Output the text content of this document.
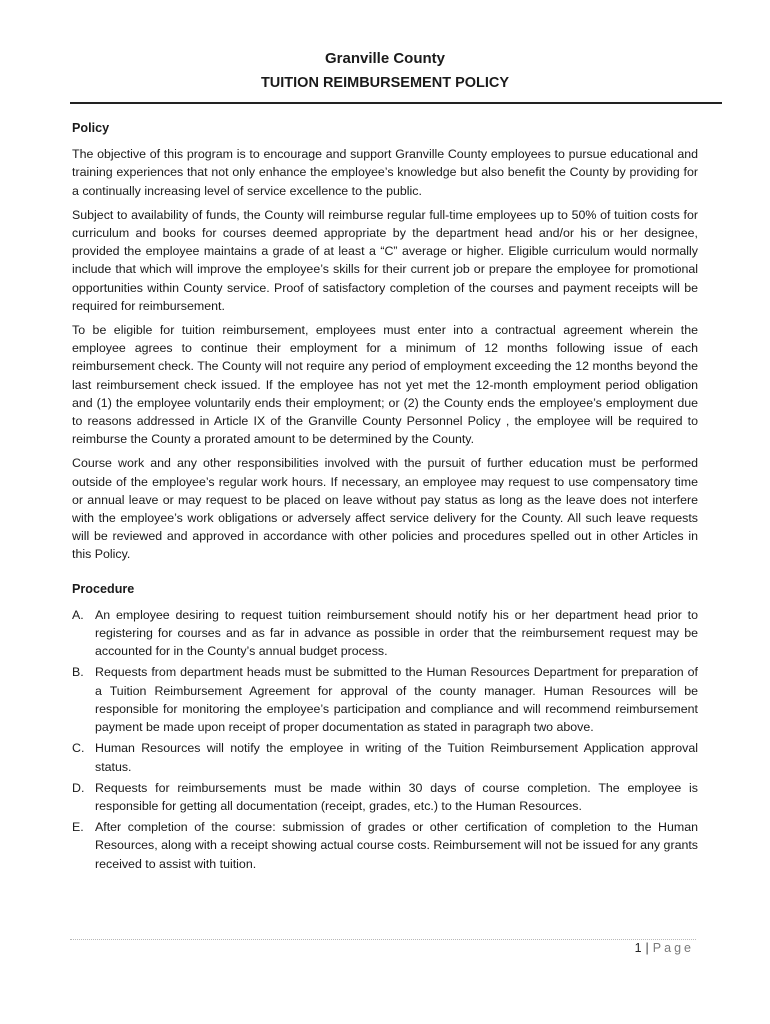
Granville County
TUITION REIMBURSEMENT POLICY
Policy

The objective of this program is to encourage and support Granville County employees to pursue educational and training experiences that not only enhance the employee’s knowledge but also benefit the County by providing for a continually increasing level of service excellence to the public.

Subject to availability of funds, the County will reimburse regular full-time employees up to 50% of tuition costs for curriculum and books for courses deemed appropriate by the department head and/or his or her designee, provided the employee maintains a grade of at least a “C” average or higher. Eligible curriculum would normally include that which will improve the employee’s skills for their current job or prepare the employee for promotional opportunities within County service. Proof of satisfactory completion of the courses and payment receipts will be required for reimbursement.

To be eligible for tuition reimbursement, employees must enter into a contractual agreement wherein the employee agrees to continue their employment for a minimum of 12 months following issue of each reimbursement check. The County will not require any period of employment exceeding the 12 months beyond the last reimbursement check issued. If the employee has not yet met the 12-month employment period obligation and (1) the employee voluntarily ends their employment; or (2) the County ends the employee’s employment due to reasons addressed in Article IX of the Granville County Personnel Policy , the employee will be required to reimburse the County a prorated amount to be determined by the County.

Course work and any other responsibilities involved with the pursuit of further education must be performed outside of the employee’s regular work hours. If necessary, an employee may request to use compensatory time or annual leave or may request to be placed on leave without pay status as long as the leave does not interfere with the employee’s work obligations or adversely affect service delivery for the County. All such leave requests will be reviewed and approved in accordance with other policies and procedures spelled out in other Articles in this Policy.

Procedure
A. An employee desiring to request tuition reimbursement should notify his or her department head prior to registering for courses and as far in advance as possible in order that the reimbursement request may be accounted for in the County’s annual budget process.
B. Requests from department heads must be submitted to the Human Resources Department for preparation of a Tuition Reimbursement Agreement for approval of the county manager. Human Resources will be responsible for monitoring the employee’s participation and compliance and will recommend reimbursement payment be made upon receipt of proper documentation as stated in paragraph two above.
C. Human Resources will notify the employee in writing of the Tuition Reimbursement Application approval status.
D. Requests for reimbursements must be made within 30 days of course completion. The employee is responsible for getting all documentation (receipt, grades, etc.) to the Human Resources.
E. After completion of the course: submission of grades or other certification of completion to the Human Resources, along with a receipt showing actual course costs. Reimbursement will not be issued for any grants received to assist with tuition.
1 | Page
